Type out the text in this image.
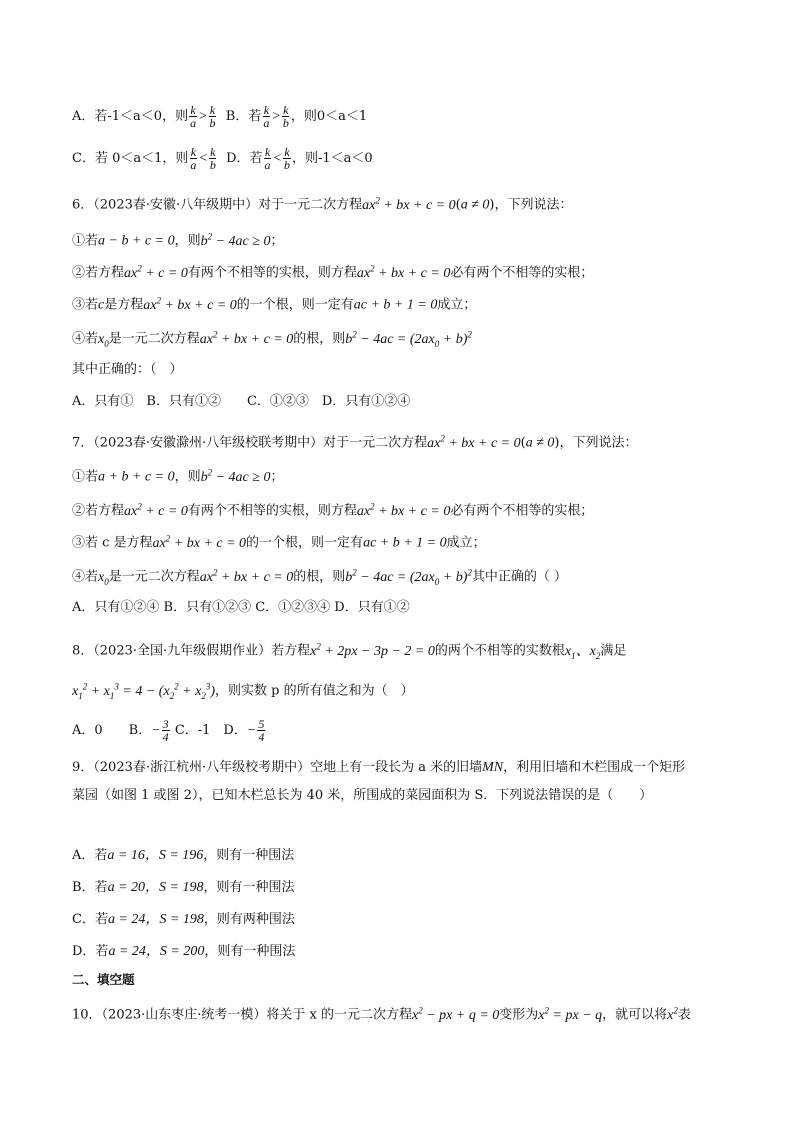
A．若-1＜a＜0，则 $\frac{k}{a} > \frac{k}{b}$ B．若 $\frac{k}{a} > \frac{k}{b}$ ，则0＜a＜1
C．若 0＜a＜1，则 $\frac{k}{a} < \frac{k}{b}$ D．若 $\frac{k}{a} < \frac{k}{b}$ ，则-1＜a＜0
6．（2023春·安徽·八年级期中）对于一元二次方程$ax^2$ + bx + c = 0(a ≠ 0)，下列说法：
①若a − b + c = 0，则$b^2 - 4ac \ge 0$；
②若方程$ax^2 + c = 0$有两个不相等的实根，则方程$ax^2$ + bx + c = 0必有两个不相等的实根；
③若c是方程$ax^2$ + bx + c = 0的一个根，则一定有ac + b + 1 = 0成立；
④若$x_0$是一元二次方程$ax^2$ + bx + c = 0的根，则$b^2 - 4ac = (2ax_0 + b)^2$
其中正确的：（　）
A．只有①　B．只有①②　　C．①②③　D．只有①②④
7．（2023春·安徽滁州·八年级校联考期中）对于一元二次方程$ax^2$ + bx + c = 0(a ≠ 0)，下列说法：
①若a + b + c = 0，则$b^2 - 4ac \ge 0$；
②若方程$ax^2 + c = 0$有两个不相等的实根，则方程$ax^2$ + bx + c = 0必有两个不相等的实根；
③若 c 是方程$ax^2$ + bx + c = 0的一个根，则一定有ac + b + 1 = 0成立；
④若$x_0$是一元二次方程$ax^2$ + bx + c = 0的根，则$b^2 - 4ac = (2ax_0 + b)^2$其中正确的（ ）
A．只有①②④ B．只有①②③ C．①②③④ D．只有①②
8．（2023·全国·九年级假期作业）若方程$x^2 + 2px - 3p - 2 = 0$的两个不相等的实数根$x_1$、$x_2$满足
$x_1^2 + x_1^3 = 4 - (x_2^2 + x_2^3)$，则实数 p 的所有值之和为（　）
A．0　　B．− $\frac{3}{4}$ C．-1　D．− $\frac{5}{4}$
9．（2023春·浙江杭州·八年级校考期中）空地上有一段长为 a 米的旧墙MN，利用旧墙和木栏围成一个矩形
菜园（如图 1 或图 2），已知木栏总长为 40 米，所围成的菜园面积为 S．下列说法错误的是（　　）
A．若a = 16，S = 196，则有一种围法
B．若a = 20，S = 198，则有一种围法
C．若a = 24，S = 198，则有两种围法
D．若a = 24，S = 200，则有一种围法
二、填空题
10．（2023·山东枣庄·统考一模）将关于 x 的一元二次方程$x^2$ − px + q = 0变形为$x^2$ = px − q，就可以将$x^2$表
